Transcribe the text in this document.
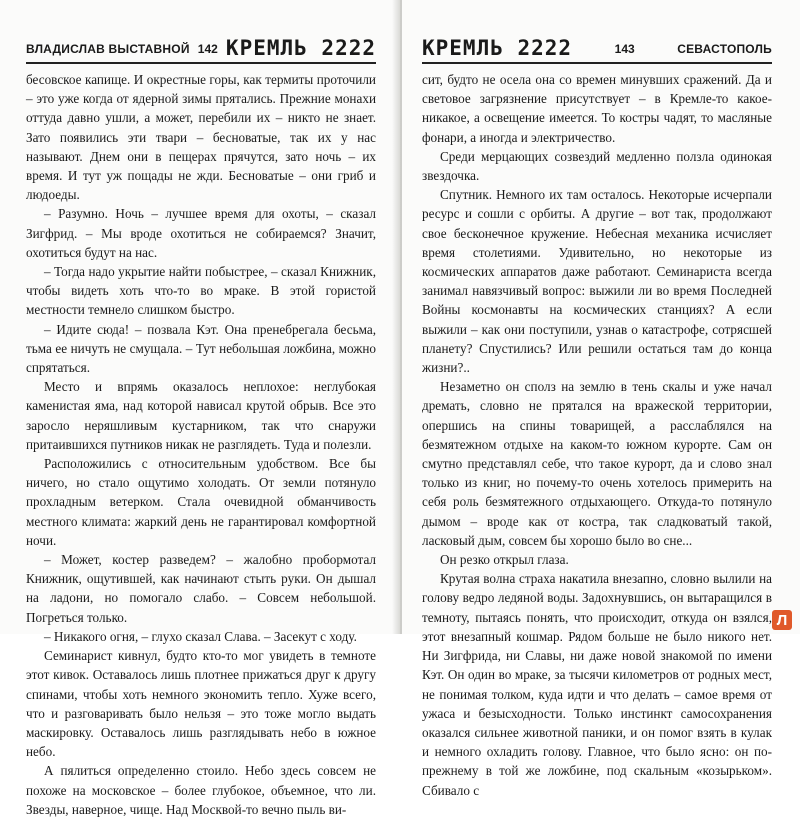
ВЛАДИСЛАВ ВЫСТАВНОЙ 142 КРЕМЛЬ 2222

бесовское капище. И окрестные горы, как термиты проточили – это уже когда от ядерной зимы прятались. Прежние монахи оттуда давно ушли, а может, перебили их – никто не знает. Зато появились эти твари – бесноватые, так их у нас называют. Днем они в пещерах прячутся, зато ночь – их время. И тут уж пощады не жди. Бесноватые – они гриб и людоеды.

– Разумно. Ночь – лучшее время для охоты, – сказал Зигфрид. – Мы вроде охотиться не собираемся? Значит, охотиться будут на нас.

– Тогда надо укрытие найти побыстрее, – сказал Книжник, чтобы видеть хоть что-то во мраке. В этой гористой местности темнело слишком быстро.

– Идите сюда! – позвала Кэт. Она пренебрегала бесьма, тьма ее ничуть не смущала. – Тут небольшая ложбина, можно спрятаться.

Место и впрямь оказалось неплохое: неглубокая каменистая яма, над которой нависал крутой обрыв. Все это заросло неряшливым кустарником, так что снаружи притаившихся путников никак не разглядеть. Туда и полезли.

Расположились с относительным удобством. Все бы ничего, но стало ощутимо холодать. От земли потянуло прохладным ветерком. Стала очевидной обманчивость местного климата: жаркий день не гарантировал комфортной ночи.

– Может, костер разведем? – жалобно пробормотал Книжник, ощутившей, как начинают стыть руки. Он дышал на ладони, но помогало слабо. – Совсем небольшой. Погреться только.

– Никакого огня, – глухо сказал Слава. – Засекут с ходу.

Семинарист кивнул, будто кто-то мог увидеть в темноте этот кивок. Оставалось лишь плотнее прижаться друг к другу спинами, чтобы хоть немного экономить тепло. Хуже всего, что и разговаривать было нельзя – это тоже могло выдать маскировку. Оставалось лишь разглядывать небо в южное небо.

А пялиться определенно стоило. Небо здесь совсем не похоже на московское – более глубокое, объемное, что ли. Звезды, наверное, чище. Над Москвой-то вечно пыль ви-

КРЕМЛЬ 2222	143	СЕВАСТОПОЛЬ

сит, будто не осела она со времен минувших сражений. Да и световое загрязнение присутствует – в Кремле-то какое-никакое, а освещение имеется. То костры чадят, то масляные фонари, а иногда и электричество.

Среди мерцающих созвездий медленно ползла одинокая звездочка.

Спутник. Немного их там осталось. Некоторые исчерпали ресурс и сошли с орбиты. А другие – вот так, продолжают свое бесконечное кружение. Небесная механика исчисляет время столетиями. Удивительно, но некоторые из космических аппаратов даже работают. Семинариста всегда занимал навязчивый вопрос: выжили ли во время Последней Войны космонавты на космических станциях? А если выжили – как они поступили, узнав о катастрофе, сотрясшей планету? Спустились? Или решили остаться там до конца жизни?..

Незаметно он сполз на землю в тень скалы и уже начал дремать, словно не прятался на вражеской территории, опершись на спины товарищей, а расслаблялся на безмятежном отдыхе на каком-то южном курорте. Сам он смутно представлял себе, что такое курорт, да и слово знал только из книг, но почему-то очень хотелось примерить на себя роль безмятежного отдыхающего. Откуда-то потянуло дымом – вроде как от костра, так сладковатый такой, ласковый дым, совсем бы хорошо было во сне...

Он резко открыл глаза.

Крутая волна страха накатила внезапно, словно вылили на голову ведро ледяной воды. Задохнувшись, он вытаращился в темноту, пытаясь понять, что происходит, откуда он взялся, этот внезапный кошмар. Рядом больше не было никого нет. Ни Зигфрида, ни Славы, ни даже новой знакомой по имени Кэт. Он один во мраке, за тысячи километров от родных мест, не понимая толком, куда идти и что делать – самое время от ужаса и безысходности. Только инстинкт самосохранения оказался сильнее животной паники, и он помог взять в кулак и немного охладить голову. Главное, что было ясно: он по-прежнему в той же ложбине, под скальным «козырьком». Сбивало с

Л
